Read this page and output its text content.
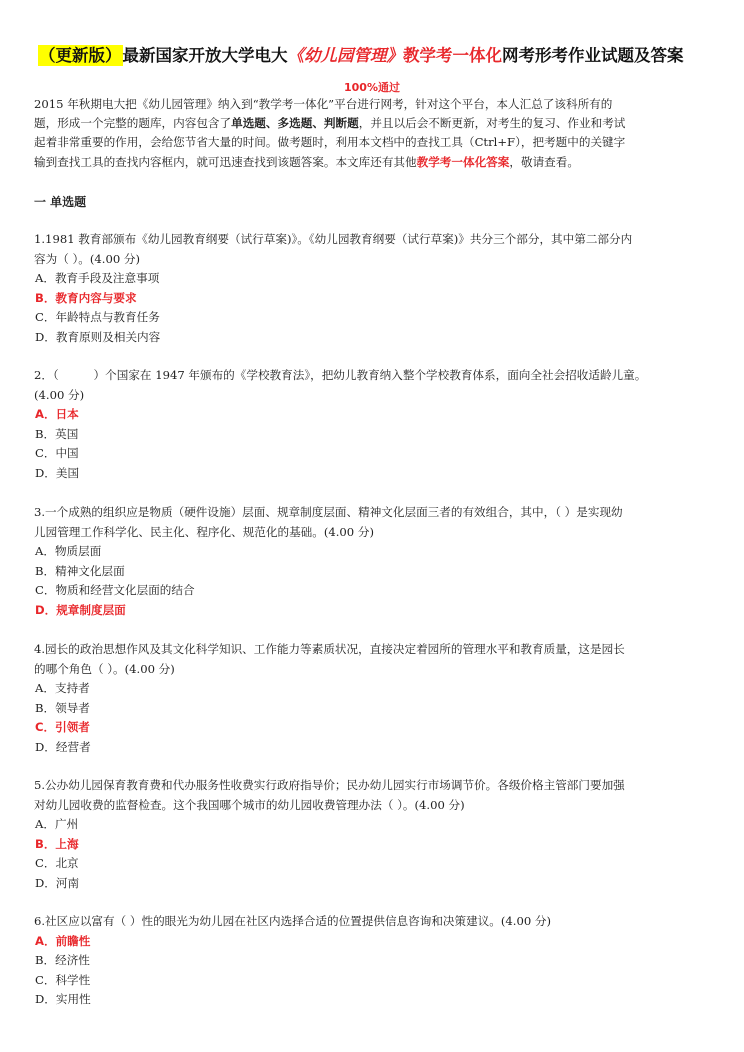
（更新版）最新国家开放大学电大《幼儿园管理》教学考一体化网考形考作业试题及答案
100%通过
2015 年秋期电大把《幼儿园管理》纳入到“教学考一体化”平台进行网考，针对这个平台，本人汇总了该科所有的
题，形成一个完整的题库，内容包含了单选题、多选题、判断题，并且以后会不断更新，对考生的复习、作业和考试
起着非常重要的作用，会给您节省大量的时间。做考题时，利用本文档中的查找工具（Ctrl+F），把考题中的关键字
输到查找工具的查找内容框内，就可迅速查找到该题答案。本文库还有其他教学考一体化答案，敬请查看。
一 单选题
1.1981 教育部颁布《幼儿园教育纲要（试行草案)》。《幼儿园教育纲要（试行草案)》共分三个部分，其中第二部分内
容为（ ）。(4.00 分)
A．教育手段及注意事项
B．教育内容与要求
C．年龄特点与教育任务
D．教育原则及相关内容
2．（　　　）个国家在 1947 年颁布的《学校教育法》，把幼儿教育纳入整个学校教育体系，面向全社会招收适龄儿童。
(4.00 分)
A．日本
B．英国
C．中国
D．美国
3.一个成熟的组织应是物质（硬件设施）层面、规章制度层面、精神文化层面三者的有效组合，其中，（ ）是实现幼
儿园管理工作科学化、民主化、程序化、规范化的基础。(4.00 分)
A．物质层面
B．精神文化层面
C．物质和经营文化层面的结合
D．规章制度层面
4.园长的政治思想作风及其文化科学知识、工作能力等素质状况，直接决定着园所的管理水平和教育质量，这是园长
的哪个角色（ ）。(4.00 分)
A．支持者
B．领导者
C．引领者
D．经营者
5.公办幼儿园保育教育费和代办服务性收费实行政府指导价；民办幼儿园实行市场调节价。各级价格主管部门要加强
对幼儿园收费的监督检查。这个我国哪个城市的幼儿园收费管理办法（ ）。(4.00 分)
A．广州
B．上海
C．北京
D．河南
6.社区应以富有（ ）性的眼光为幼儿园在社区内选择合适的位置提供信息咨询和决策建议。(4.00 分)
A．前瞻性
B．经济性
C．科学性
D．实用性
